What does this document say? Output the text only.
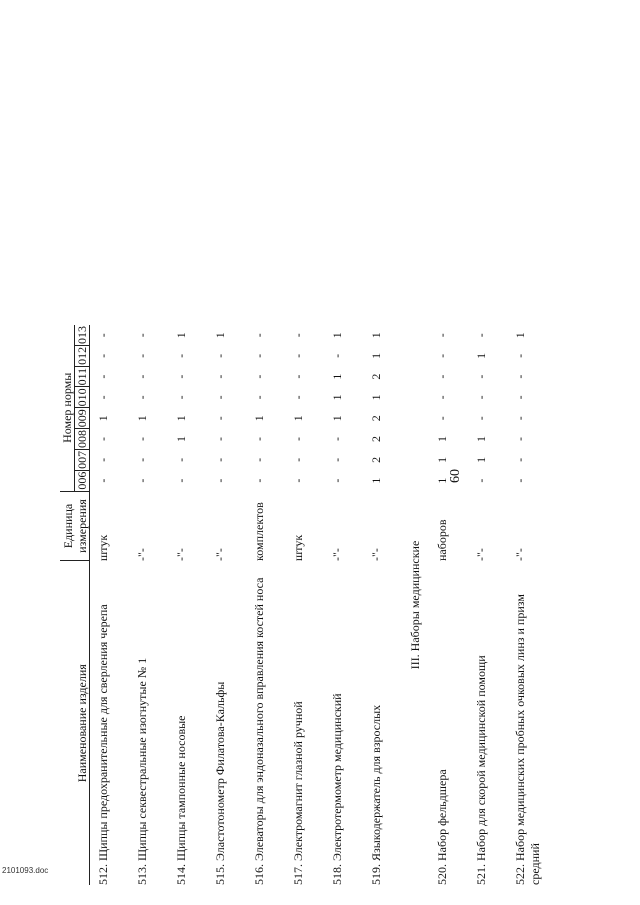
Наименование изделия	Единица измерения	Номер нормы							
		006	007	008	009	010	011	012	013
512.Щипцы предохранительные для сверления черепа	штук	-	-	-	1	-	-	-	-
513.Щипцы секвестральные изогнутые № 1	-"-	-	-	-	1	-	-	-	-
514.Щипцы тампонные носовые	-"-	-	-	1	1	-	-	-	1
515.Эластотонометр Филатова-Кальфы	-"-	-	-	-	-	-	-	-	1
516.Элеваторы для эндоназального вправления костей носа	комплектов	-	-	-	1	-	-	-	-
517.Электромагнит глазной ручной	штук	-	-	-	1	-	-	-	-
518.Электротермометр медицинский	-"-	-	-	-	1	1	1	-	1
519.Языкодержатель для взрослых	-"-	1	2	2	2	1	2	1	1
III. Наборы медицинские									
520.Набор фельдшера	наборов	1	1	1	-	-	-	-	-
521.Набор для скорой медицинской помощи	-"-	-	1	1	-	-	-	1	-
522.Набор медицинских пробных очковых линз и призм средний	-"-	-	-	-	-	-	-	-	1
60
2101093.doc
